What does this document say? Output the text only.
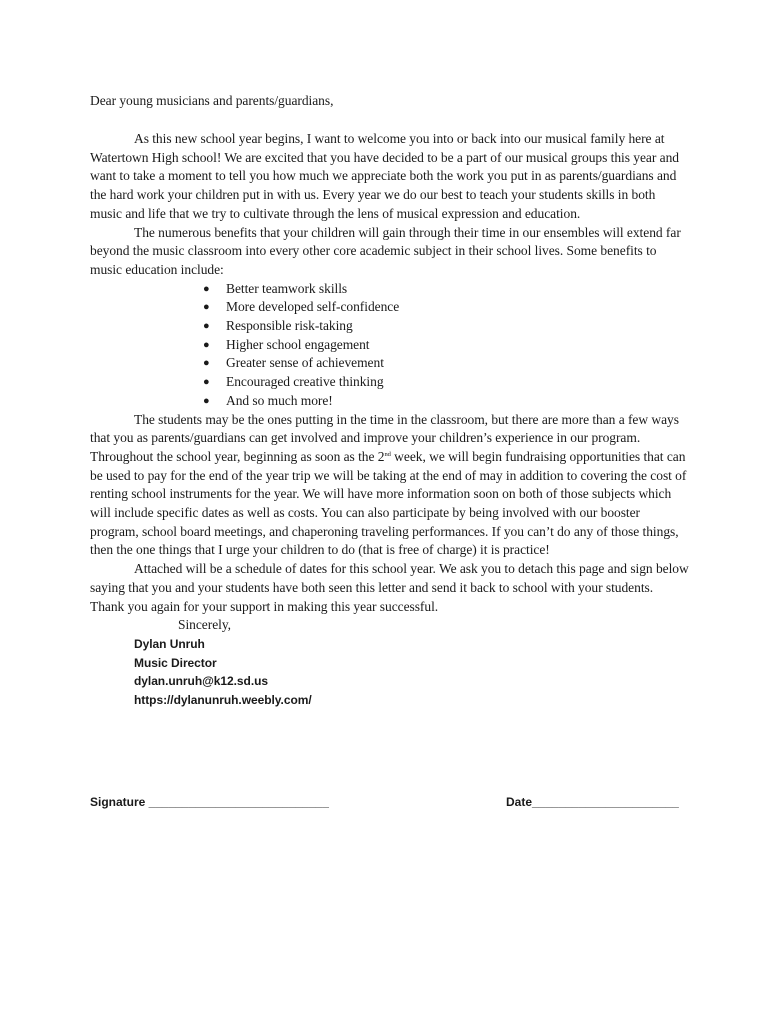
Dear young musicians and parents/guardians,

As this new school year begins, I want to welcome you into or back into our musical family here at Watertown High school! We are excited that you have decided to be a part of our musical groups this year and want to take a moment to tell you how much we appreciate both the work you put in as parents/guardians and the hard work your children put in with us. Every year we do our best to teach your students skills in both music and life that we try to cultivate through the lens of musical expression and education.

The numerous benefits that your children will gain through their time in our ensembles will extend far beyond the music classroom into every other core academic subject in their school lives. Some benefits to music education include:

● Better teamwork skills
● More developed self-confidence
● Responsible risk-taking
● Higher school engagement
● Greater sense of achievement
● Encouraged creative thinking
● And so much more!

The students may be the ones putting in the time in the classroom, but there are more than a few ways that you as parents/guardians can get involved and improve your children’s experience in our program. Throughout the school year, beginning as soon as the 2nd week, we will begin fundraising opportunities that can be used to pay for the end of the year trip we will be taking at the end of may in addition to covering the cost of renting school instruments for the year. We will have more information soon on both of those subjects which will include specific dates as well as costs. You can also participate by being involved with our booster program, school board meetings, and chaperoning traveling performances. If you can’t do any of those things, then the one things that I urge your children to do (that is free of charge) it is practice!

Attached will be a schedule of dates for this school year. We ask you to detach this page and sign below saying that you and your students have both seen this letter and send it back to school with your students. Thank you again for your support in making this year successful.

Sincerely,

Dylan Unruh
Music Director
dylan.unruh@k12.sd.us
https://dylanunruh.weebly.com/
Signature ___________________________	Date______________________
